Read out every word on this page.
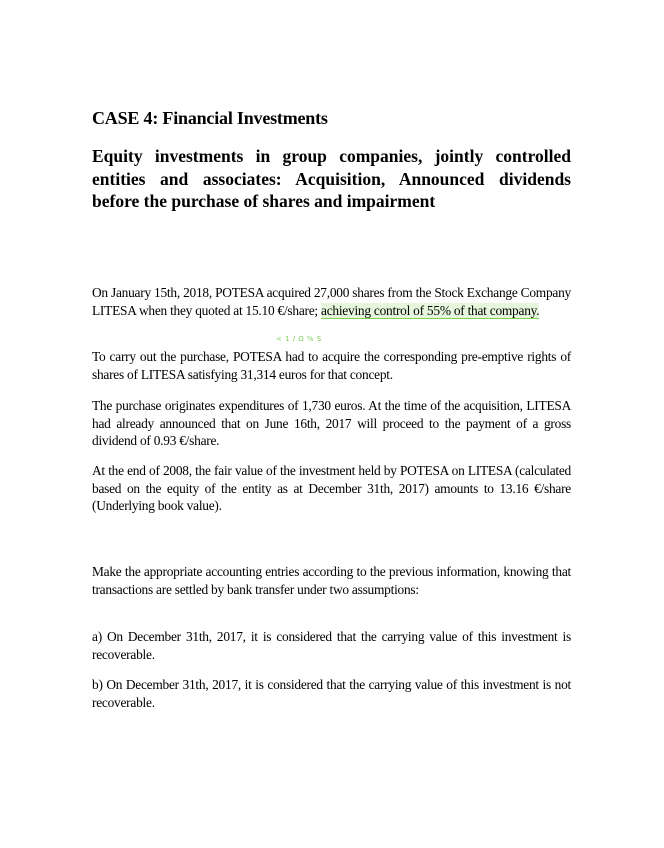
CASE 4: Financial Investments
Equity investments in group companies, jointly controlled entities and associates: Acquisition, Announced dividends before the purchase of shares and impairment

On January 15th, 2018, POTESA acquired 27,000 shares from the Stock Exchange Company LITESA when they quoted at 15.10 €/share; achieving control of 55% of that company.

< 1 / Ω % S

To carry out the purchase, POTESA had to acquire the corresponding pre-emptive rights of shares of LITESA satisfying 31,314 euros for that concept.

The purchase originates expenditures of 1,730 euros. At the time of the acquisition, LITESA had already announced that on June 16th, 2017 will proceed to the payment of a gross dividend of 0.93 €/share.

At the end of 2008, the fair value of the investment held by POTESA on LITESA (calculated based on the equity of the entity as at December 31th, 2017) amounts to 13.16 €/share (Underlying book value).

Make the appropriate accounting entries according to the previous information, knowing that transactions are settled by bank transfer under two assumptions:

a) On December 31th, 2017, it is considered that the carrying value of this investment is recoverable.

b) On December 31th, 2017, it is considered that the carrying value of this investment is not recoverable.
